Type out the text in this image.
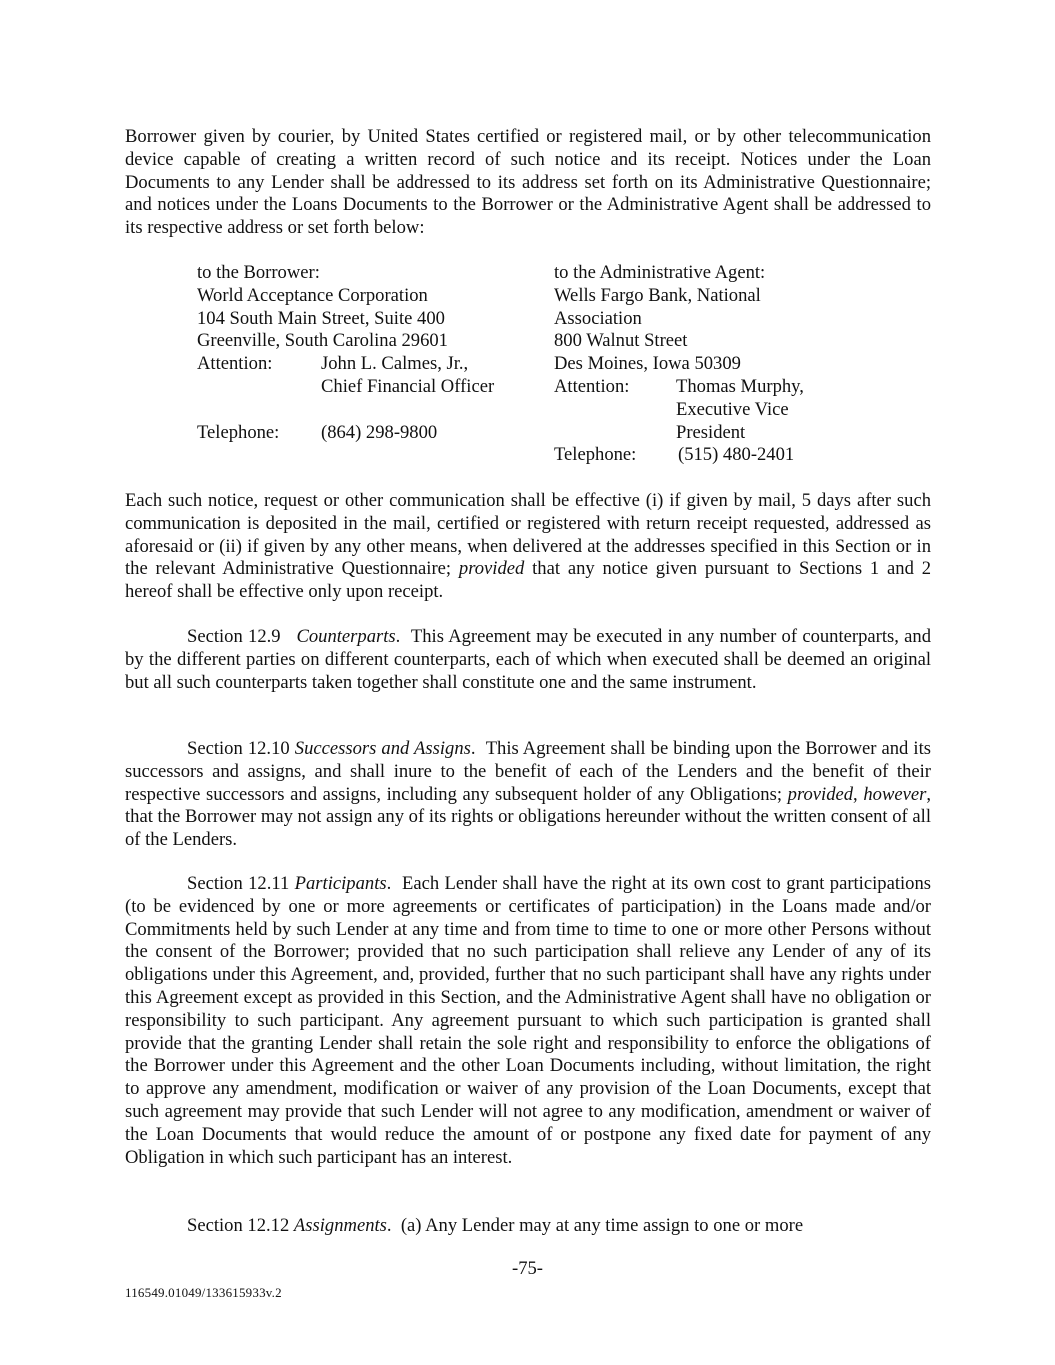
Borrower given by courier, by United States certified or registered mail, or by other telecommunication device capable of creating a written record of such notice and its receipt. Notices under the Loan Documents to any Lender shall be addressed to its address set forth on its Administrative Questionnaire; and notices under the Loans Documents to the Borrower or the Administrative Agent shall be addressed to its respective address or set forth below:

to the Borrower:
World Acceptance Corporation
104 South Main Street, Suite 400
Greenville, South Carolina 29601
Attention:	John L. Calmes, Jr.,
Chief Financial Officer
Telephone:	(864) 298-9800
to the Administrative Agent:
Wells Fargo Bank, National
Association
800 Walnut Street
Des Moines, Iowa 50309
Attention:	Thomas Murphy,
Executive Vice
President
Telephone:	(515) 480-2401

Each such notice, request or other communication shall be effective (i) if given by mail, 5 days after such communication is deposited in the mail, certified or registered with return receipt requested, addressed as aforesaid or (ii) if given by any other means, when delivered at the addresses specified in this Section or in the relevant Administrative Questionnaire; provided that any notice given pursuant to Sections 1 and 2 hereof shall be effective only upon receipt.

Section 12.9 Counterparts.  This Agreement may be executed in any number of counterparts, and by the different parties on different counterparts, each of which when executed shall be deemed an original but all such counterparts taken together shall constitute one and the same instrument.

Section 12.10 Successors and Assigns.  This Agreement shall be binding upon the Borrower and its successors and assigns, and shall inure to the benefit of each of the Lenders and the benefit of their respective successors and assigns, including any subsequent holder of any Obligations; provided, however, that the Borrower may not assign any of its rights or obligations hereunder without the written consent of all of the Lenders.

Section 12.11 Participants.  Each Lender shall have the right at its own cost to grant participations (to be evidenced by one or more agreements or certificates of participation) in the Loans made and/or Commitments held by such Lender at any time and from time to time to one or more other Persons without the consent of the Borrower; provided that no such participation shall relieve any Lender of any of its obligations under this Agreement, and, provided, further that no such participant shall have any rights under this Agreement except as provided in this Section, and the Administrative Agent shall have no obligation or responsibility to such participant. Any agreement pursuant to which such participation is granted shall provide that the granting Lender shall retain the sole right and responsibility to enforce the obligations of the Borrower under this Agreement and the other Loan Documents including, without limitation, the right to approve any amendment, modification or waiver of any provision of the Loan Documents, except that such agreement may provide that such Lender will not agree to any modification, amendment or waiver of the Loan Documents that would reduce the amount of or postpone any fixed date for payment of any Obligation in which such participant has an interest.

Section 12.12 Assignments.  (a) Any Lender may at any time assign to one or more

-75-
116549.01049/133615933v.2
